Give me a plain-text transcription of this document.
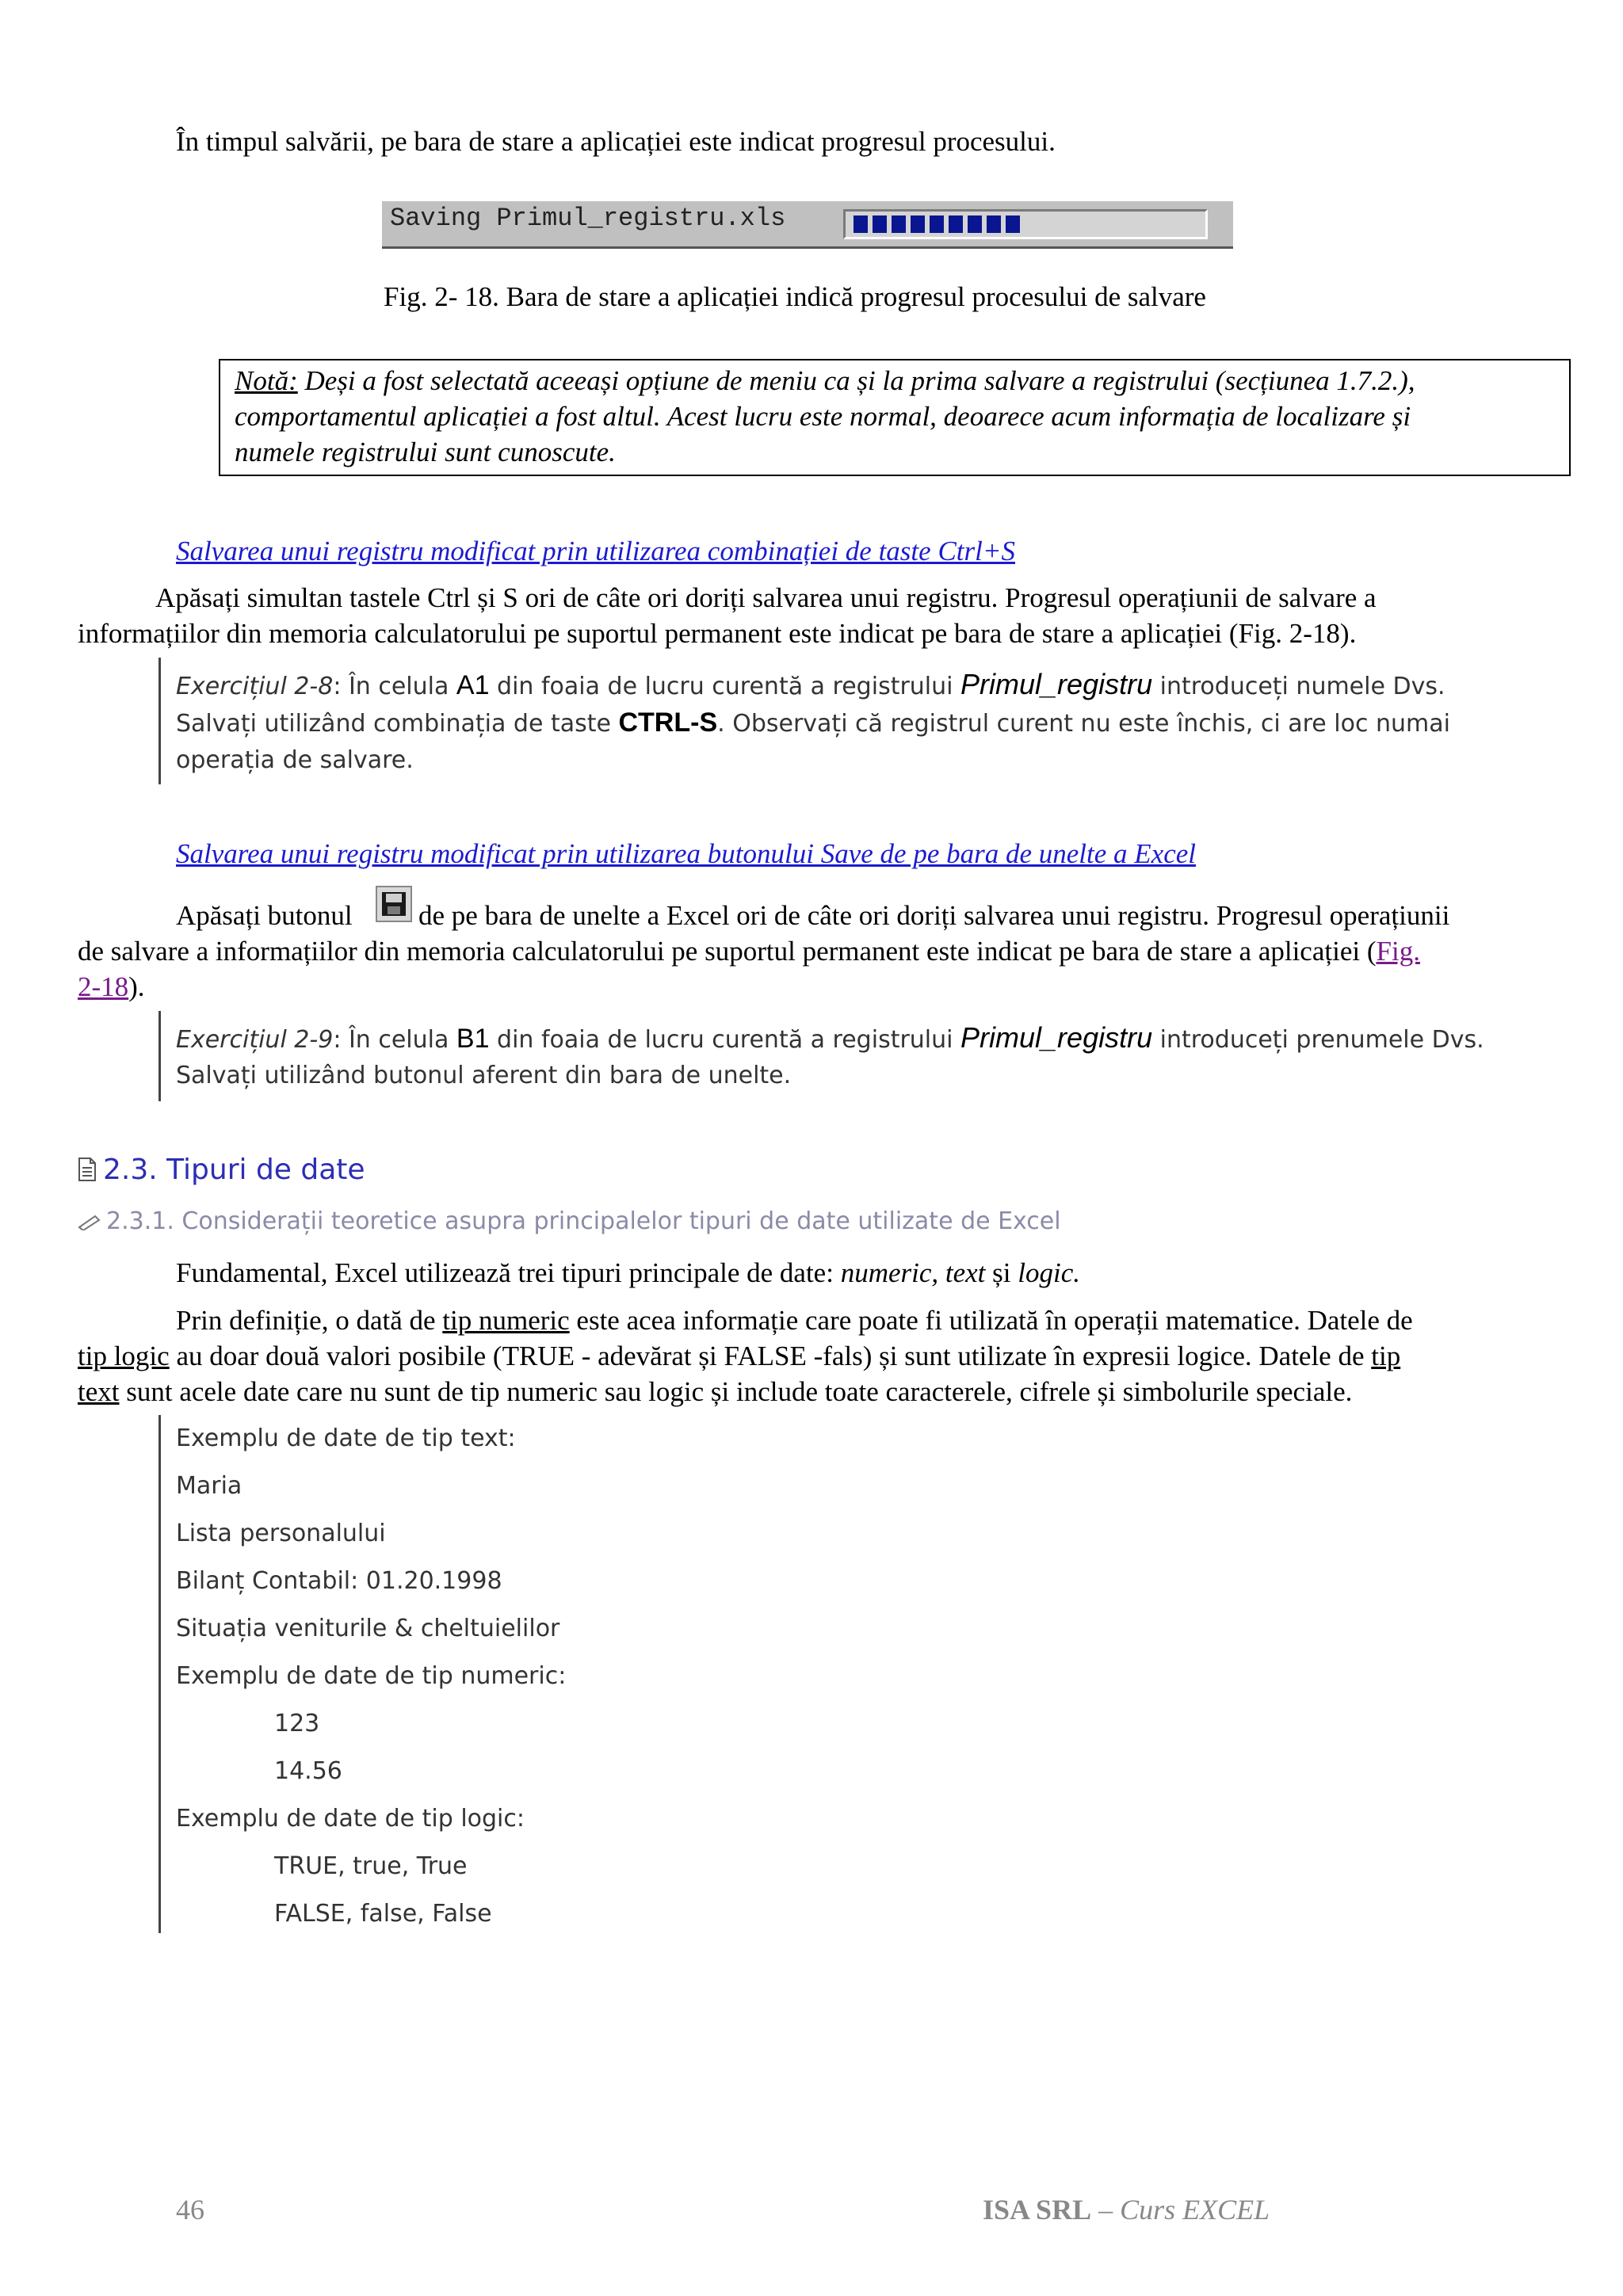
În timpul salvării, pe bara de stare a aplicației este indicat progresul procesului.
Saving Primul_registru.xls
Fig. 2- 18. Bara de stare a aplicației indică progresul procesului de salvare
Notă: Deși a fost selectată aceeași opțiune de meniu ca și la prima salvare a registrului (secțiunea 1.7.2.),
comportamentul aplicației a fost altul. Acest lucru este normal, deoarece acum informația de localizare și
numele registrului sunt cunoscute.
Salvarea unui registru modificat prin utilizarea combinației de taste Ctrl+S
Apăsați simultan tastele Ctrl și S ori de câte ori doriți salvarea unui registru. Progresul operațiunii de salvare a
informațiilor din memoria calculatorului pe suportul permanent este indicat pe bara de stare a aplicației (Fig. 2-18).
Exercițiul 2-8: În celula A1 din foaia de lucru curentă a registrului Primul_registru introduceți numele Dvs.
Salvați utilizând combinația de taste CTRL-S. Observați că registrul curent nu este închis, ci are loc numai
operația de salvare.
Salvarea unui registru modificat prin utilizarea butonului Save de pe bara de unelte a Excel
Apăsați butonul de pe bara de unelte a Excel ori de câte ori doriți salvarea unui registru. Progresul operațiunii
de salvare a informațiilor din memoria calculatorului pe suportul permanent este indicat pe bara de stare a aplicației (Fig.
2-18).
Exercițiul 2-9: În celula B1 din foaia de lucru curentă a registrului Primul_registru introduceți prenumele Dvs.
Salvați utilizând butonul aferent din bara de unelte.
2.3. Tipuri de date
2.3.1. Considerații teoretice asupra principalelor tipuri de date utilizate de Excel
Fundamental, Excel utilizează trei tipuri principale de date: numeric, text și logic.
Prin definiție, o dată de tip numeric este acea informație care poate fi utilizată în operații matematice. Datele de
tip logic au doar două valori posibile (TRUE - adevărat și FALSE -fals) și sunt utilizate în expresii logice. Datele de tip
text sunt acele date care nu sunt de tip numeric sau logic și include toate caracterele, cifrele și simbolurile speciale.
Exemplu de date de tip text:
Maria
Lista personalului
Bilanț Contabil: 01.20.1998
Situația veniturile & cheltuielilor
Exemplu de date de tip numeric:
123
14.56
Exemplu de date de tip logic:
TRUE, true, True
FALSE, false, False
46	ISA SRL – Curs EXCEL
